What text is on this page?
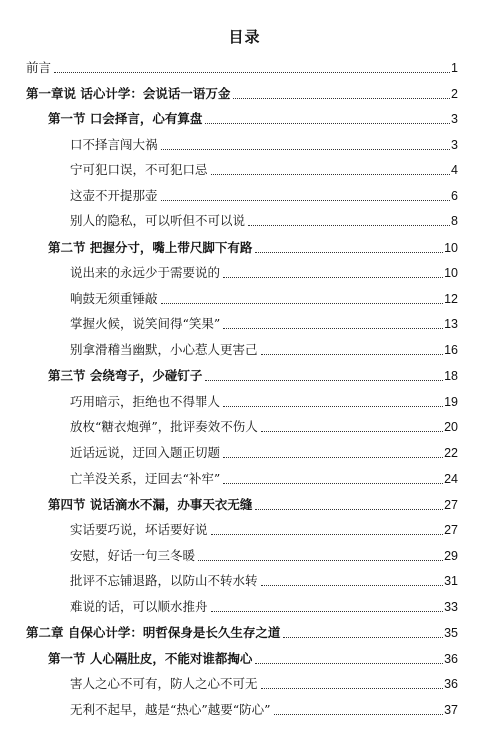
目录
前言	1
第一章说 话心计学：会说话一语万金	2
第一节 口会择言，心有算盘	3
口不择言闯大祸	3
宁可犯口误，不可犯口忌	4
这壶不开提那壶	6
别人的隐私，可以听但不可以说	8
第二节 把握分寸，嘴上带尺脚下有路	10
说出来的永远少于需要说的	10
响鼓无须重锤敲	12
掌握火候，说笑间得“笑果”	13
别拿滑稽当幽默，小心惹人更害己	16
第三节 会绕弯子，少碰钉子	18
巧用暗示，拒绝也不得罪人	19
放枚“糖衣炮弹”，批评奏效不伤人	20
近话远说，迂回入题正切题	22
亡羊没关系，迂回去“补牢”	24
第四节 说话滴水不漏，办事天衣无缝	27
实话要巧说，坏话要好说	27
安慰，好话一句三冬暖	29
批评不忘铺退路，以防山不转水转	31
难说的话，可以顺水推舟	33
第二章 自保心计学：明哲保身是长久生存之道	35
第一节 人心隔肚皮，不能对谁都掏心	36
害人之心不可有，防人之心不可无	36
无利不起早，越是“热心”越要“防心”	37
